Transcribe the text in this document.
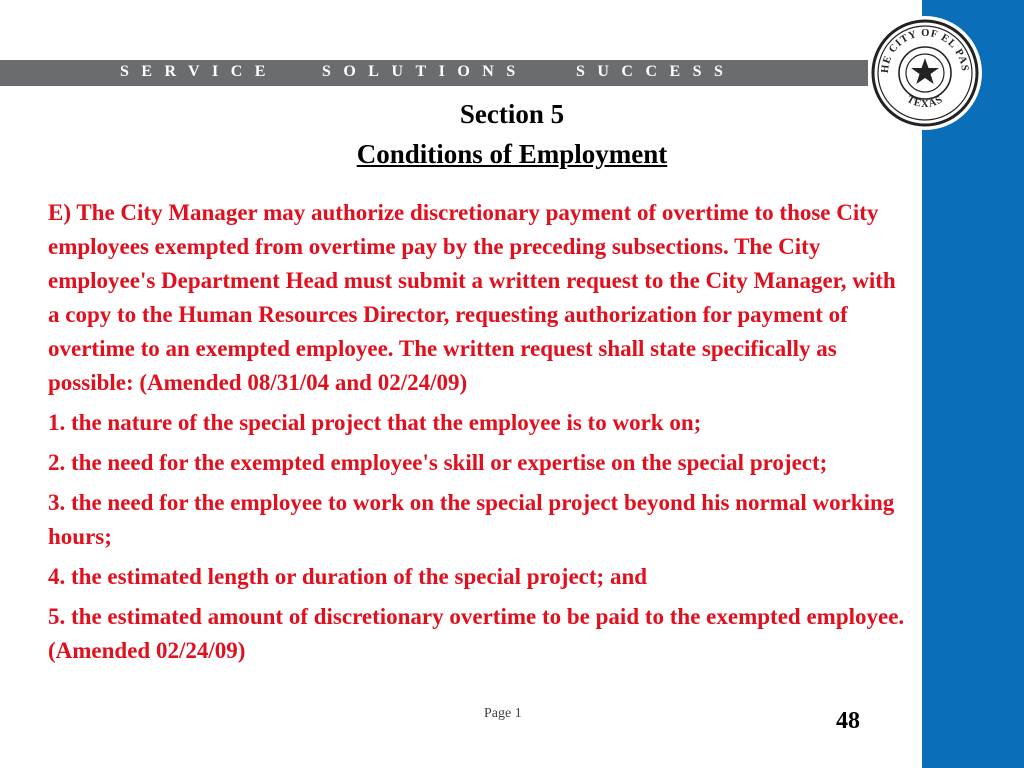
SERVICE	SOLUTIONS	SUCCESS	HE CITY OF EL PAS
TEXAS
Section 5
Conditions of Employment

E) The City Manager may authorize discretionary payment of overtime to those City employees exempted from overtime pay by the preceding subsections. The City employee's Department Head must submit a written request to the City Manager, with a copy to the Human Resources Director, requesting authorization for payment of overtime to an exempted employee. The written request shall state specifically as possible: (Amended 08/31/04 and 02/24/09)

1. the nature of the special project that the employee is to work on;

2. the need for the exempted employee's skill or expertise on the special project;

3. the need for the employee to work on the special project beyond his normal working hours;

4. the estimated length or duration of the special project; and

5. the estimated amount of discretionary overtime to be paid to the exempted employee. (Amended 02/24/09)

Page 1	48
